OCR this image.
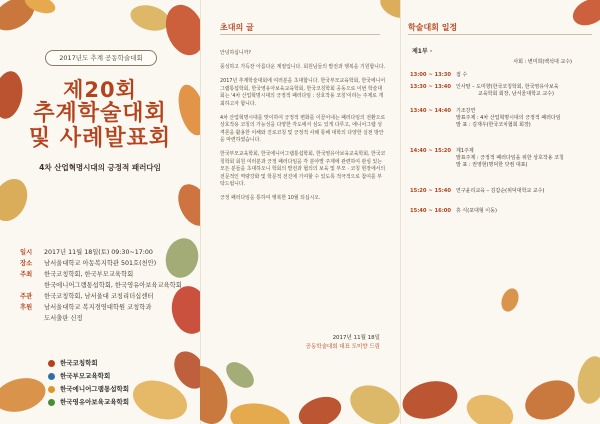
2017년도 추계 공동학술대회
제20회
추계학술대회
및 사례발표회
4차 산업혁명시대의 긍정적 패러다임
일시	2017년 11월 18일(토) 09:30~17:00
장소	남서울대학교 아동복지학관 501호(천안)
주최	한국코칭학회, 한국부모교육학회
한국에니어그램통섭학회, 한국영유아보육교육학회
주관	한국코칭학회, 남서울대 코칭리더십센터
후원	남서울대학교 복지경영대학원 코칭학과
도서출판 신정
한국코칭학회
한국부모교육학회
한국에니어그램통섭학회
한국영유아보육교육학회
초대의 글

안녕하십니까?

풍성하고 가득찬 아름다운 계절입니다. 회원님들의 발전과 행복을 기원합니다.

2017년 추계학술대회에 여러분을 초대합니다. 한국부모교육학회, 한국에니어그램통섭학회, 한국영유아보육교육학회, 한국코칭학회 공동으로 이번 학술대회는 '4차 산업혁명시대의 긍정적 패러다임 : 상호작용 코칭'이라는 주제로 개최하고자 합니다.

4차 산업혁명시대를 맞이하여 긍정적 변화를 이끌어내는 패러다임의 전환으로 상호작용 코칭의 가능성을 다양한 각도에서 심도 있게 다루고, 에니어그램 성격론을 활용한 이해와 진로코칭 및 긍정적 사례 통해 대학의 다양한 실천 방안을 마련하였습니다.

한국부모교육학회, 한국에니어그램통섭학회, 한국영유아보육교육학회, 한국코칭학회 회원 여러분과 긍정 패러다임을 각 분야별 주제에 관련하여 관심 있는 모든 분들을 초대하오니 학회의 발전과 협의의 보육 및 부모 · 코칭 현장에서의 전문적인 역량강화 및 학문적 전진에 기여할 수 있도록 적극적으로 참여를 부탁드립니다.

긍정 패러다임을 통하여 행복한 10월 되십시오.

2017년 11월 18일
공동학술대회 대표 도미향 드림
학술대회 일정
제1부 ·
사회 : 변미희(백석대 교수)
13:00 ~ 13:30	접 수
13:30 ~ 13:40	인사말 – 도미향(한국코칭학회, 한국영유아보육
교육학회 회장, 남서울대학교 교수)
13:40 ~ 14:40	기조강연
발표주제 : 4차 산업혁명시대의 긍정적 패러다임
발 표 : 김재우(한국코치협회 회장)
14:40 ~ 15:20	제1주제
발표주제 : 긍정적 패러다임을 위한 상호작용 코칭
발 표 : 권영현(명덕한 닷컴 대표)
15:20 ~ 15:40	연구윤리교육 – 김갑순(위덕대학교 교수)
15:40 ~ 16:00	휴 식(포대형 이동)
